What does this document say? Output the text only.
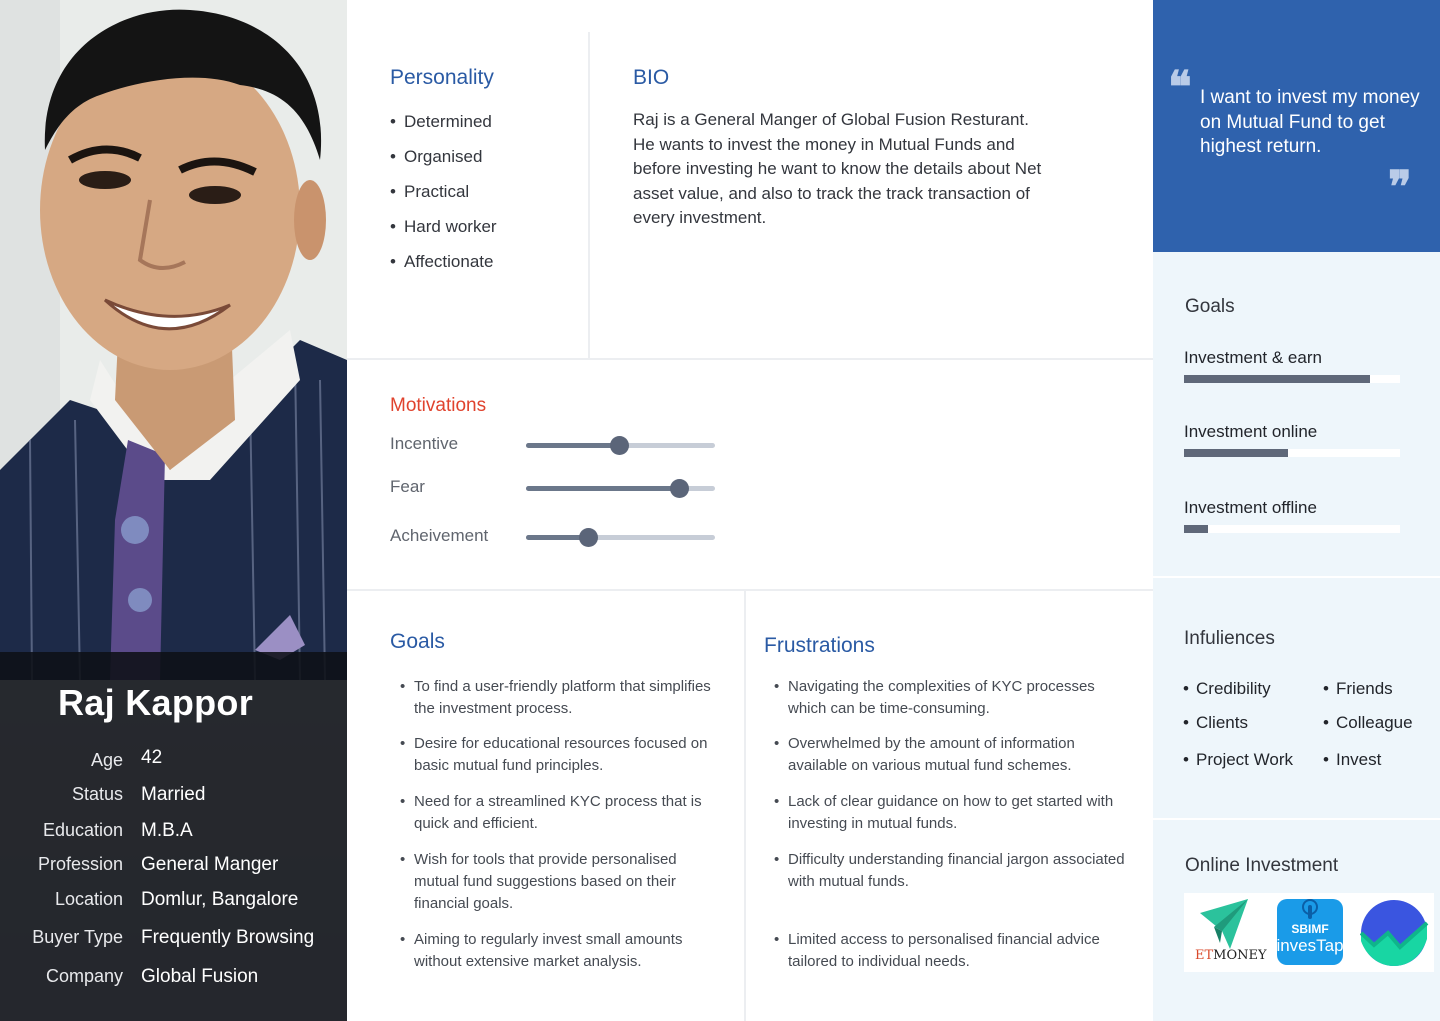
Raj Kappor
Age 42
Status Married
Education M.B.A
Profession General Manger
Location Domlur, Bangalore
Buyer Type Frequently Browsing
Company Global Fusion
Personality
• Determined
• Organised
• Practical
• Hard worker
• Affectionate
BIO

Raj is a General Manger of Global Fusion Resturant. He wants to invest the money in Mutual Funds and before investing he want to know the details about Net asset value, and also to track the track transaction of every investment.

Motivations
Incentive
Fear
Acheivement
Goals
• To find a user-friendly platform that simplifies the investment process.
• Desire for educational resources focused on basic mutual fund principles.
• Need for a streamlined KYC process that is quick and efficient.
• Wish for tools that provide personalised mutual fund suggestions based on their financial goals.
• Aiming to regularly invest small amounts without extensive market analysis.
Frustrations
• Navigating the complexities of KYC processes which can be time-consuming.
• Overwhelmed by the amount of information available on various mutual fund schemes.
• Lack of clear guidance on how to get started with investing in mutual funds.
• Difficulty understanding financial jargon associated with mutual funds.
• Limited access to personalised financial advice tailored to individual needs.
❝ I want to invest my money on Mutual Fund to get highest return.
❞
Goals
Investment & earn
Investment online
Investment offline
Infuliences
• Credibility	• Friends
• Clients	• Colleague
• Project Work	• Invest
Online Investment
ETMONEY
SBIMF
invesTap
